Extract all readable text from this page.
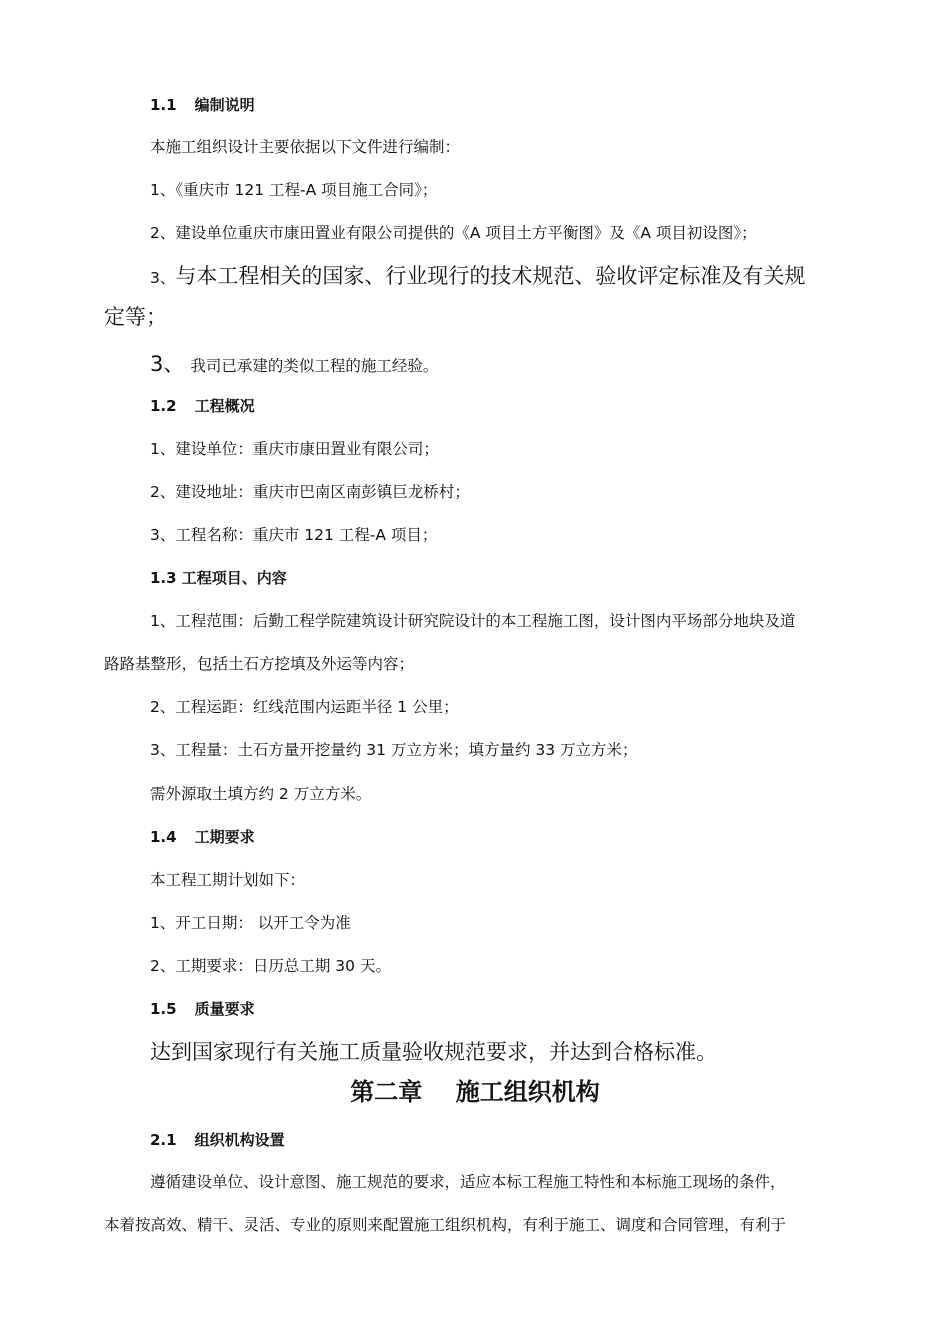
1.1 编制说明
本施工组织设计主要依据以下文件进行编制：
1、《重庆市 121 工程-A 项目施工合同》；
2、建设单位重庆市康田置业有限公司提供的《A 项目土方平衡图》及《A 项目初设图》；
3、与本工程相关的国家、行业现行的技术规范、验收评定标准及有关规
定等；
3、 我司已承建的类似工程的施工经验。
1.2 工程概况
1、建设单位：重庆市康田置业有限公司；
2、建设地址：重庆市巴南区南彭镇巨龙桥村；
3、工程名称：重庆市 121 工程-A 项目；
1.3 工程项目、内容
1、工程范围：后勤工程学院建筑设计研究院设计的本工程施工图，设计图内平场部分地块及道
路路基整形，包括土石方挖填及外运等内容；
2、工程运距：红线范围内运距半径 1 公里；
3、工程量：土石方量开挖量约 31 万立方米；填方量约 33 万立方米；
需外源取土填方约 2 万立方米。
1.4 工期要求
本工程工期计划如下：
1、开工日期： 以开工令为准
2、工期要求：日历总工期 30 天。
1.5 质量要求
达到国家现行有关施工质量验收规范要求，并达到合格标准。
第二章    施工组织机构
2.1 组织机构设置
遵循建设单位、设计意图、施工规范的要求，适应本标工程施工特性和本标施工现场的条件，
本着按高效、精干、灵活、专业的原则来配置施工组织机构，有利于施工、调度和合同管理，有利于
